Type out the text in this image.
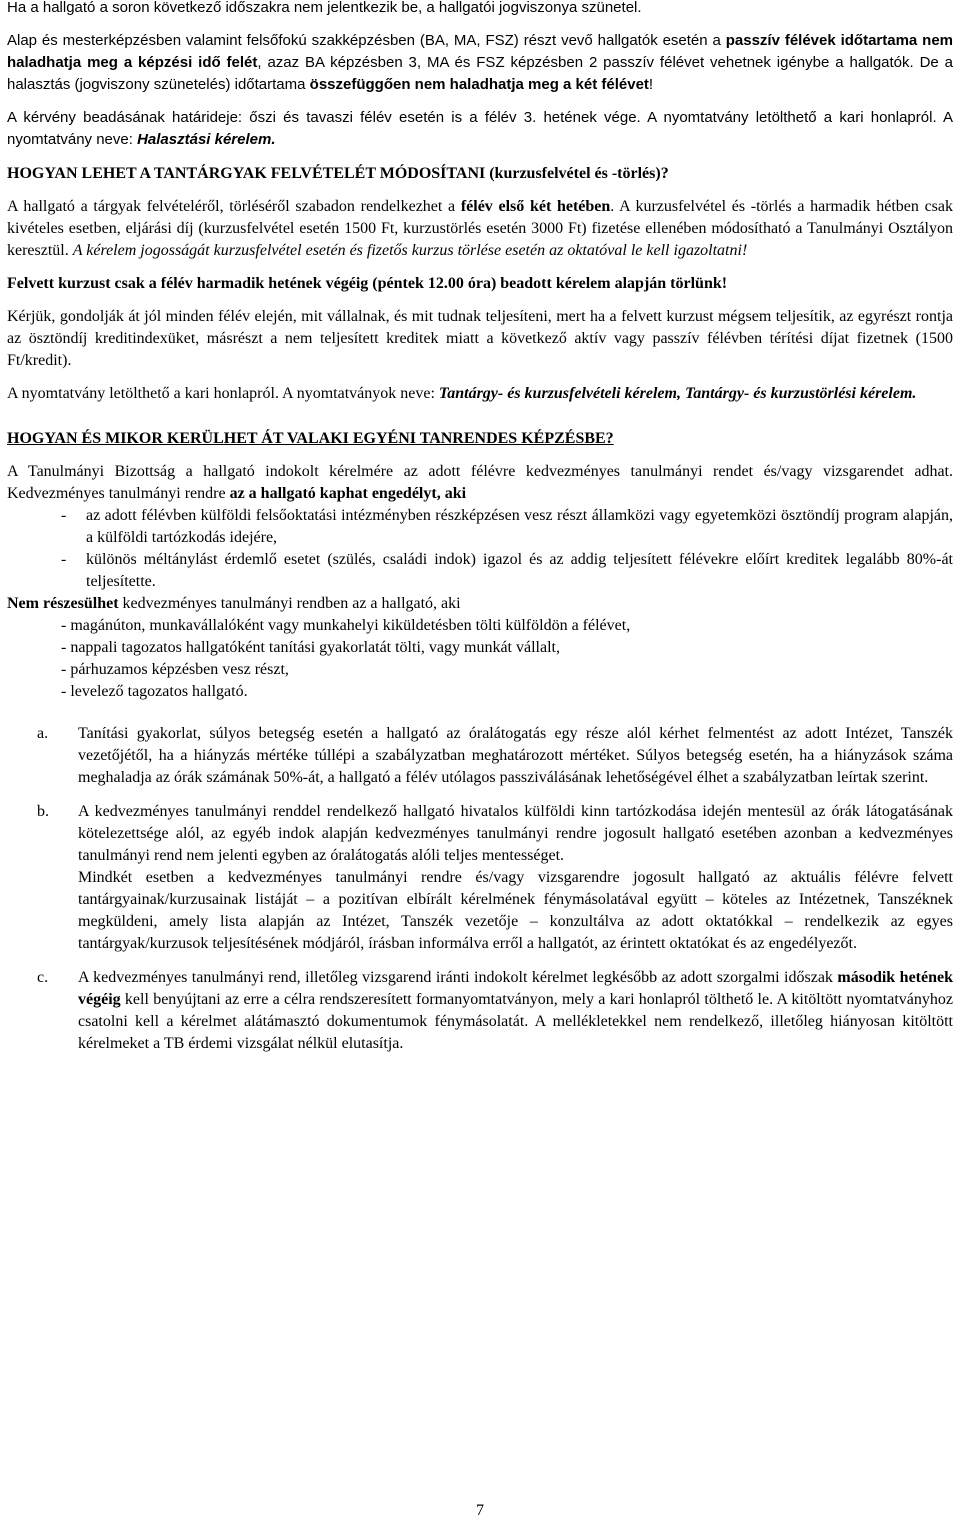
Ha a hallgató a soron következő időszakra nem jelentkezik be, a hallgatói jogviszonya szünetel.

Alap és mesterképzésben valamint felsőfokú szakképzésben (BA, MA, FSZ) részt vevő hallgatók esetén a passzív félévek időtartama nem haladhatja meg a képzési idő felét, azaz BA képzésben 3, MA és FSZ képzésben 2 passzív félévet vehetnek igénybe a hallgatók. De a halasztás (jogviszony szünetelés) időtartama összefüggően nem haladhatja meg a két félévet!

A kérvény beadásának határideje: őszi és tavaszi félév esetén is a félév 3. hetének vége. A nyomtatvány letölthető a kari honlapról. A nyomtatvány neve: Halasztási kérelem.

HOGYAN LEHET A TANTÁRGYAK FELVÉTELÉT MÓDOSÍTANI (kurzusfelvétel és -törlés)?

A hallgató a tárgyak felvételéről, törléséről szabadon rendelkezhet a félév első két hetében. A kurzusfelvétel és -törlés a harmadik hétben csak kivételes esetben, eljárási díj (kurzusfelvétel esetén 1500 Ft, kurzustörlés esetén 3000 Ft) fizetése ellenében módosítható a Tanulmányi Osztályon keresztül. A kérelem jogosságát kurzusfelvétel esetén és fizetős kurzus törlése esetén az oktatóval le kell igazoltatni!

Felvett kurzust csak a félév harmadik hetének végéig (péntek 12.00 óra) beadott kérelem alapján törlünk!

Kérjük, gondolják át jól minden félév elején, mit vállalnak, és mit tudnak teljesíteni, mert ha a felvett kurzust mégsem teljesítik, az egyrészt rontja az ösztöndíj kreditindexüket, másrészt a nem teljesített kreditek miatt a következő aktív vagy passzív félévben térítési díjat fizetnek (1500 Ft/kredit).

A nyomtatvány letölthető a kari honlapról. A nyomtatványok neve: Tantárgy- és kurzusfelvételi kérelem, Tantárgy- és kurzustörlési kérelem.

HOGYAN ÉS MIKOR KERÜLHET ÁT VALAKI EGYÉNI TANRENDES KÉPZÉSBE?

A Tanulmányi Bizottság a hallgató indokolt kérelmére az adott félévre kedvezményes tanulmányi rendet és/vagy vizsgarendet adhat. Kedvezményes tanulmányi rendre az a hallgató kaphat engedélyt, aki

- az adott félévben külföldi felsőoktatási intézményben részképzésen vesz részt államközi vagy egyetemközi ösztöndíj program alapján, a külföldi tartózkodás idejére,
- különös méltánylást érdemlő esetet (szülés, családi indok) igazol és az addig teljesített félévekre előírt kreditek legalább 80%-át teljesítette.

Nem részesülhet kedvezményes tanulmányi rendben az a hallgató, aki

- magánúton, munkavállalóként vagy munkahelyi kiküldetésben tölti külföldön a félévet,
- nappali tagozatos hallgatóként tanítási gyakorlatát tölti, vagy munkát vállalt,
- párhuzamos képzésben vesz részt,
- levelező tagozatos hallgató.
a. Tanítási gyakorlat, súlyos betegség esetén a hallgató az óralátogatás egy része alól kérhet felmentést az adott Intézet, Tanszék vezetőjétől, ha a hiányzás mértéke túllépi a szabályzatban meghatározott mértéket. Súlyos betegség esetén, ha a hiányzások száma meghaladja az órák számának 50%-át, a hallgató a félév utólagos passziválásának lehetőségével élhet a szabályzatban leírtak szerint.

b. A kedvezményes tanulmányi renddel rendelkező hallgató hivatalos külföldi kinn tartózkodása idején mentesül az órák látogatásának kötelezettsége alól, az egyéb indok alapján kedvezményes tanulmányi rendre jogosult hallgató esetében azonban a kedvezményes tanulmányi rend nem jelenti egyben az óralátogatás alóli teljes mentességet.

Mindkét esetben a kedvezményes tanulmányi rendre és/vagy vizsgarendre jogosult hallgató az aktuális félévre felvett tantárgyainak/kurzusainak listáját – a pozitívan elbírált kérelmének fénymásolatával együtt – köteles az Intézetnek, Tanszéknek megküldeni, amely lista alapján az Intézet, Tanszék vezetője – konzultálva az adott oktatókkal – rendelkezik az egyes tantárgyak/kurzusok teljesítésének módjáról, írásban informálva erről a hallgatót, az érintett oktatókat és az engedélyezőt.

c. A kedvezményes tanulmányi rend, illetőleg vizsgarend iránti indokolt kérelmet legkésőbb az adott szorgalmi időszak második hetének végéig kell benyújtani az erre a célra rendszeresített formanyomtatványon, mely a kari honlapról tölthető le. A kitöltött nyomtatványhoz csatolni kell a kérelmet alátámasztó dokumentumok fénymásolatát. A mellékletekkel nem rendelkező, illetőleg hiányosan kitöltött kérelmeket a TB érdemi vizsgálat nélkül elutasítja.

7
